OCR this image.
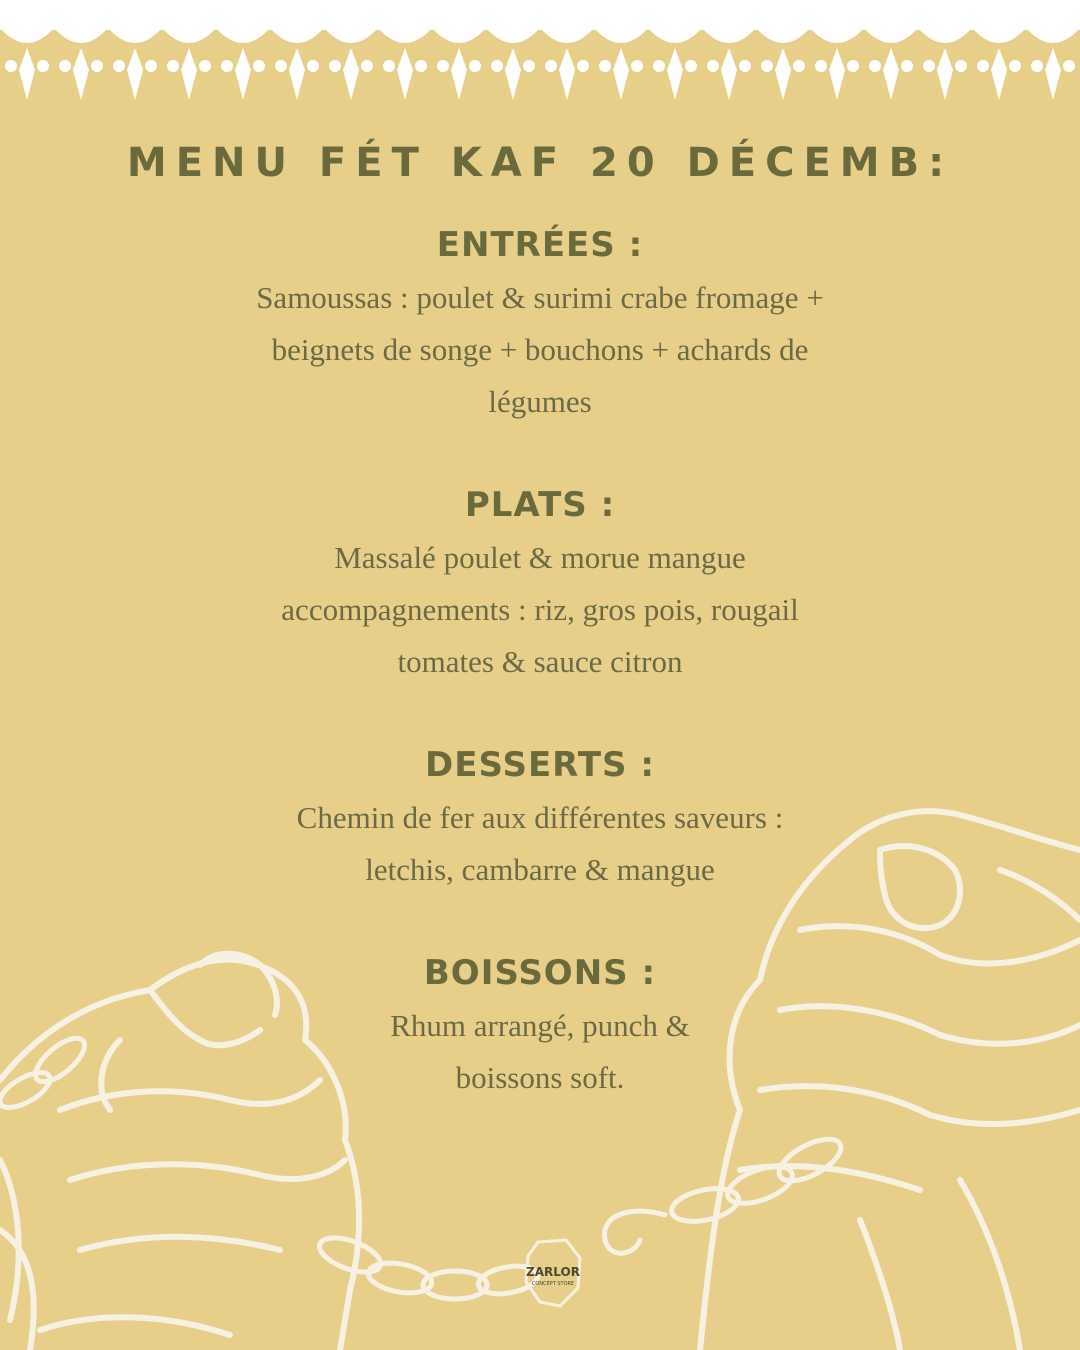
MENU FÉT KAF 20 DÉCEMB:
ENTRÉES :
Samoussas : poulet & surimi crabe fromage +
beignets de songe + bouchons + achards de
légumes
PLATS :
Massalé poulet & morue mangue
accompagnements : riz, gros pois, rougail
tomates & sauce citron
DESSERTS :
Chemin de fer aux différentes saveurs :
letchis, cambarre & mangue
BOISSONS :
Rhum arrangé, punch &
boissons soft.
ZARLOR
CONCEPT STORE
